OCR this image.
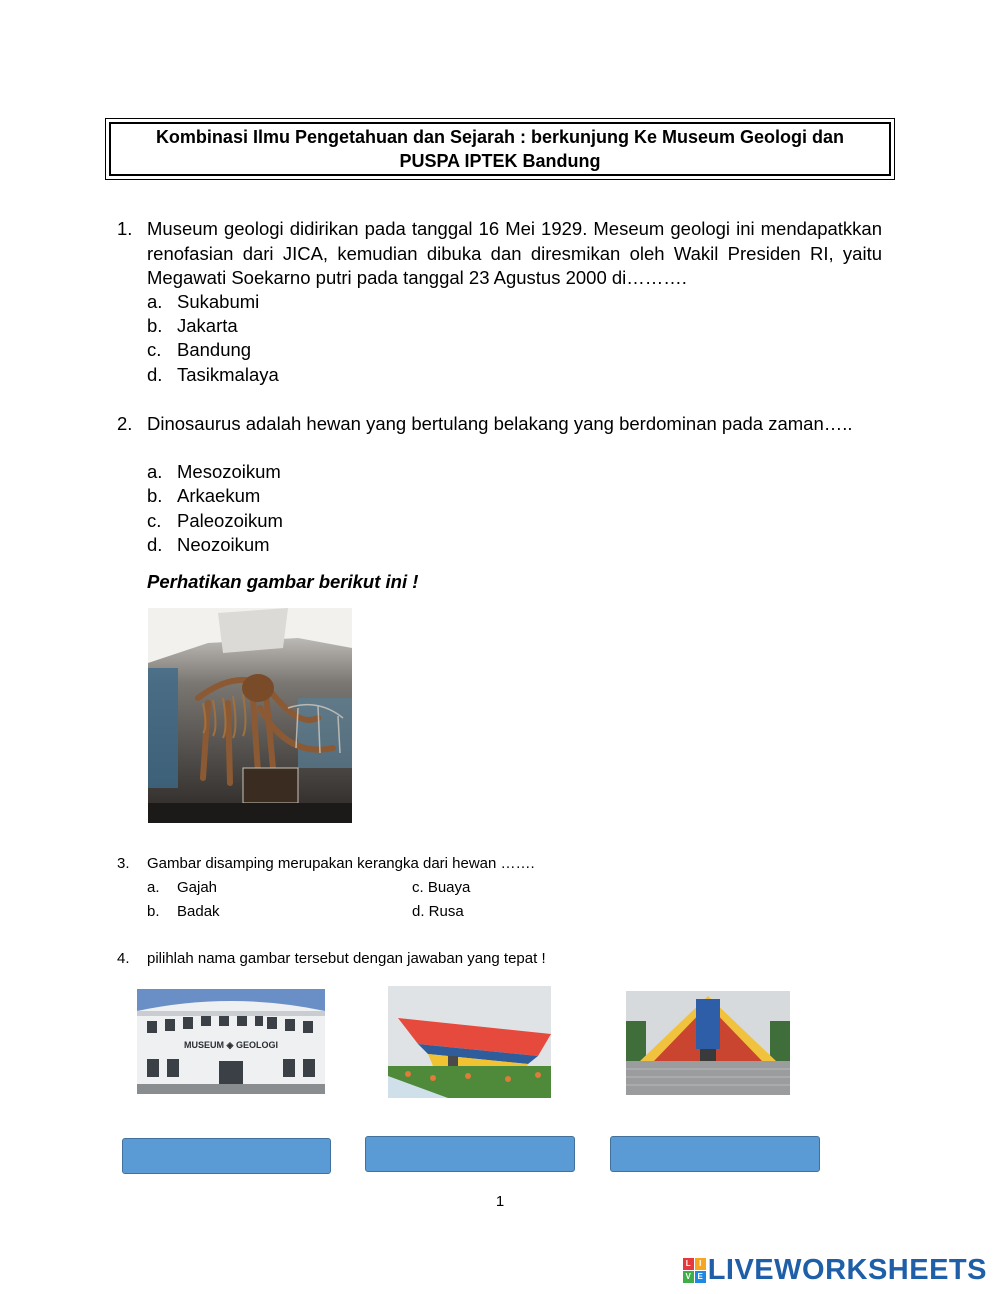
Kombinasi Ilmu Pengetahuan dan Sejarah : berkunjung Ke Museum Geologi dan
PUSPA IPTEK Bandung
1. Museum geologi didirikan pada tanggal 16 Mei 1929. Meseum geologi ini mendapatkkan renofasian dari JICA, kemudian dibuka dan diresmikan oleh Wakil Presiden RI, yaitu Megawati Soekarno putri pada tanggal 23 Agustus 2000 di……….
a. Sukabumi
b. Jakarta
c. Bandung
d. Tasikmalaya
2. Dinosaurus adalah hewan yang bertulang belakang yang berdominan pada zaman…..
a. Mesozoikum
b. Arkaekum
c. Paleozoikum
d. Neozoikum
Perhatikan gambar berikut ini !
3. Gambar disamping merupakan kerangka dari hewan …….
a. Gajah
b. Badak
c. Buaya
d. Rusa
4. pilihlah nama gambar tersebut dengan jawaban yang tepat !
MUSEUM ◈ GEOLOGI
1
L	I
V E LIVEWORKSHEETS
